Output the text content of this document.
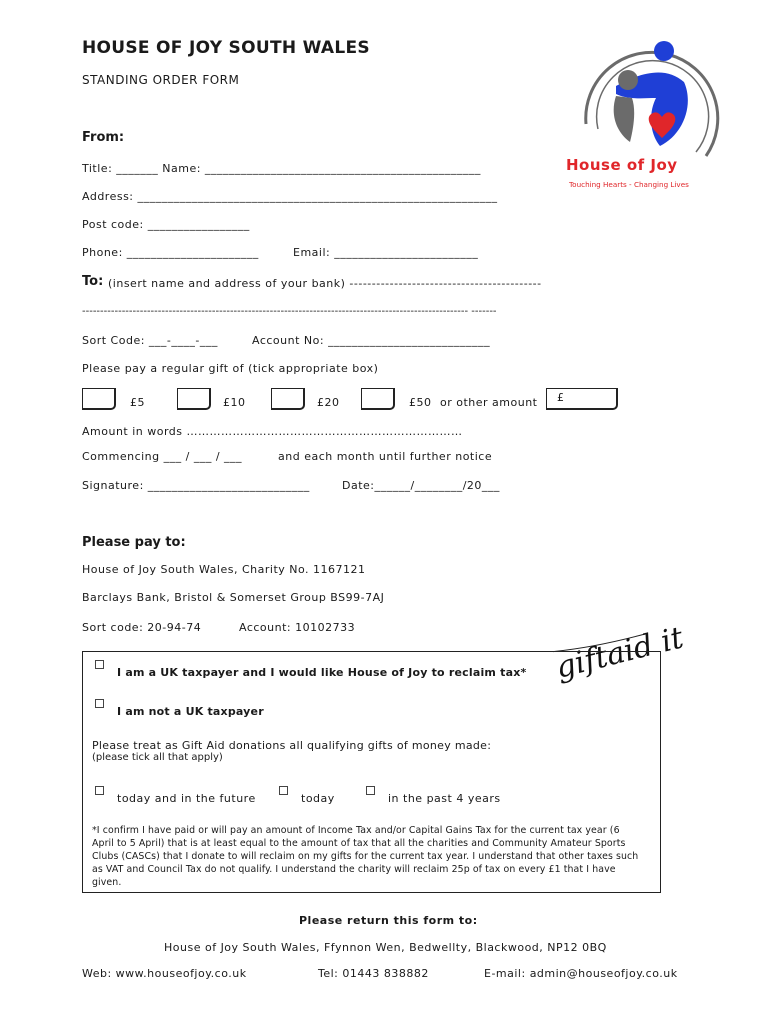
HOUSE OF JOY SOUTH WALES
STANDING ORDER FORM
House of Joy
Touching Hearts - Changing Lives
From:
Title: _______ Name: ______________________________________________
Address: ____________________________________________________________
Post code: _________________
Phone: ______________________	Email: ________________________
To: (insert name and address of your bank) -------------------------------------------
----------------------------------------------------------------------------------------------------------- -------
Sort Code: ___-____-___	Account No: ___________________________
Please pay a regular gift of (tick appropriate box)
£5	£10	£20	£50 or other amount	£
Amount in words ………………………………………………………………
Commencing ___ / ___ / ___	and each month until further notice
Signature: ___________________________	Date:______/________/20___
Please pay to:
House of Joy South Wales, Charity No. 1167121
Barclays Bank, Bristol & Somerset Group BS99-7AJ
Sort code: 20-94-74	Account: 10102733	giftaid it
I am a UK taxpayer and I would like House of Joy to reclaim tax*
I am not a UK taxpayer
Please treat as Gift Aid donations all qualifying gifts of money made:
(please tick all that apply)
today and in the future	today	in the past 4 years
*I confirm I have paid or will pay an amount of Income Tax and/or Capital Gains Tax for the current tax year (6 April to 5 April) that is at least equal to the amount of tax that all the charities and Community Amateur Sports Clubs (CASCs) that I donate to will reclaim on my gifts for the current tax year. I understand that other taxes such as VAT and Council Tax do not qualify. I understand the charity will reclaim 25p of tax on every £1 that I have given.
Please return this form to:
House of Joy South Wales, Ffynnon Wen, Bedwellty, Blackwood, NP12 0BQ
Web: www.houseofjoy.co.uk	Tel: 01443 838882	E-mail: admin@houseofjoy.co.uk
